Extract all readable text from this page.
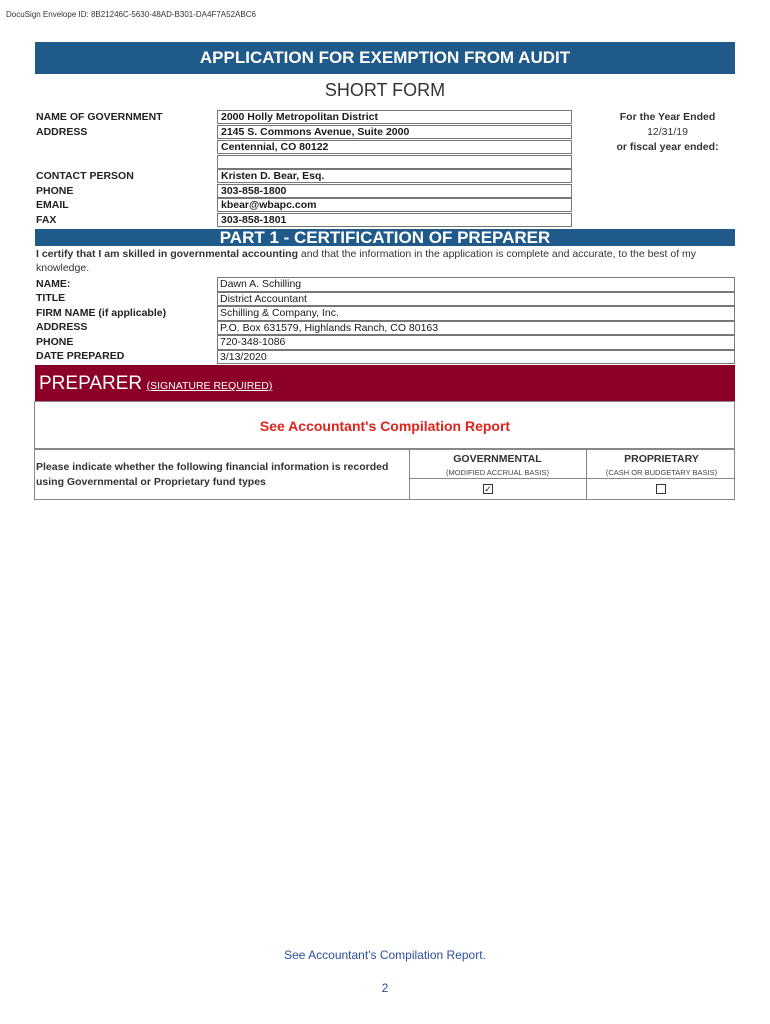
DocuSign Envelope ID: 8B21246C-5630-48AD-B301-DA4F7A52ABC6
APPLICATION FOR EXEMPTION FROM AUDIT
SHORT FORM
NAME OF GOVERNMENT
ADDRESS
CONTACT PERSON
PHONE
EMAIL
FAX
2000 Holly Metropolitan District
2145 S. Commons Avenue, Suite 2000
Centennial, CO 80122
Kristen D. Bear, Esq.
303-858-1800
kbear@wbapc.com
303-858-1801
For the Year Ended
12/31/19
or fiscal year ended:
PART 1 - CERTIFICATION OF PREPARER
I certify that I am skilled in governmental accounting and that the information in the application is complete and accurate, to the best of my knowledge.
NAME:
TITLE
FIRM NAME (if applicable)
ADDRESS
PHONE
DATE PREPARED
Dawn A. Schilling
District Accountant
Schilling & Company, Inc.
P.O. Box 631579, Highlands Ranch, CO 80163
720-348-1086
3/13/2020
PREPARER (SIGNATURE REQUIRED)
See Accountant's Compilation Report
Please indicate whether the following financial information is recorded using Governmental or Proprietary fund types
GOVERNMENTAL
(MODIFIED ACCRUAL BASIS)
PROPRIETARY
(CASH OR BUDGETARY BASIS)
✓
See Accountant's Compilation Report.
2
